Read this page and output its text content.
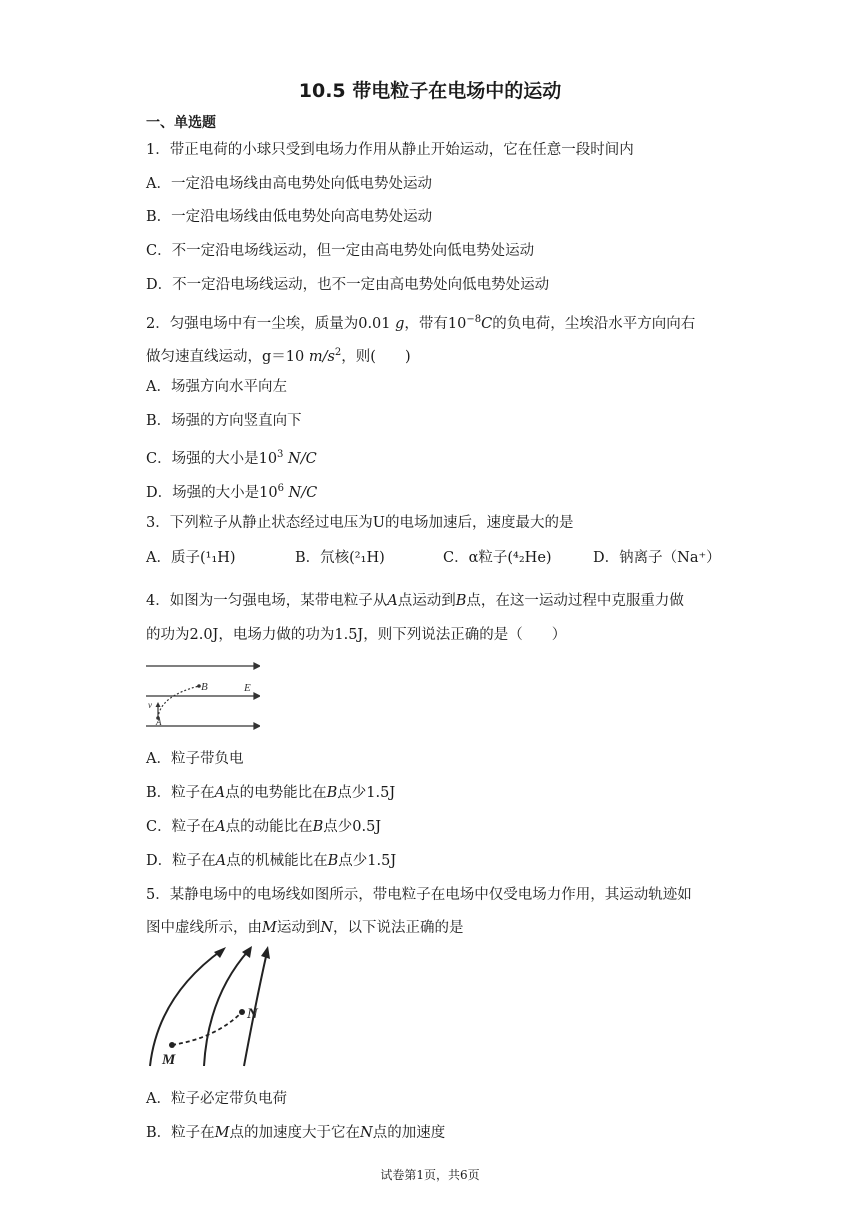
10.5 带电粒子在电场中的运动
一、单选题
1．带正电荷的小球只受到电场力作用从静止开始运动，它在任意一段时间内
A．一定沿电场线由高电势处向低电势处运动
B．一定沿电场线由低电势处向高电势处运动
C．不一定沿电场线运动，但一定由高电势处向低电势处运动
D．不一定沿电场线运动，也不一定由高电势处向低电势处运动
2．匀强电场中有一尘埃，质量为0.01 g，带有$10^{-8}C$的负电荷，尘埃沿水平方向向右
做匀速直线运动，g＝10 $m/s^2$，则(　　)
A．场强方向水平向左
B．场强的方向竖直向下
C．场强的大小是$10^3$ N/C
D．场强的大小是$10^6$ N/C
3．下列粒子从静止状态经过电压为U的电场加速后，速度最大的是
A．质子(¹₁H)	B．氘核(²₁H)	C．α粒子(⁴₂He)	D．钠离子（Na⁺）
4．如图为一匀强电场，某带电粒子从A点运动到B点，在这一运动过程中克服重力做
的功为2.0J，电场力做的功为1.5J，则下列说法正确的是（　　）
B	E
v
A
A．粒子带负电
B．粒子在A点的电势能比在B点少1.5J
C．粒子在A点的动能比在B点少0.5J
D．粒子在A点的机械能比在B点少1.5J
5．某静电场中的电场线如图所示，带电粒子在电场中仅受电场力作用，其运动轨迹如
图中虚线所示，由M运动到N，以下说法正确的是
N
M
A．粒子必定带负电荷
B．粒子在M点的加速度大于它在N点的加速度
试卷第1页，共6页
